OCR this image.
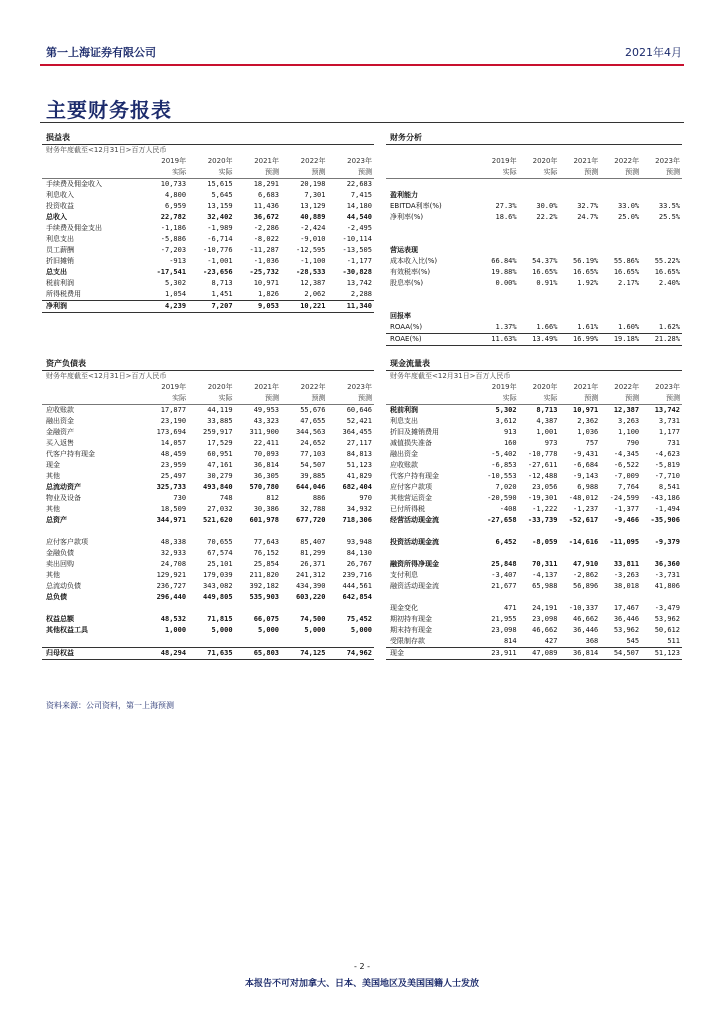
第一上海证券有限公司	2021年4月
主要财务报表
损益表
财务年度截至<12月31日>百万人民币
	2019年	2020年	2021年	2022年	2023年
	实际	实际	预测	预测	预测
手续费及佣金收入	10,733	15,615	18,291	20,198	22,683
利息收入	4,800	5,645	6,683	7,301	7,415
投资收益	6,959	13,159	11,436	13,129	14,180
总收入	22,782	32,402	36,672	40,889	44,540
手续费及佣金支出	-1,186	-1,989	-2,286	-2,424	-2,495
利息支出	-5,886	-6,714	-8,022	-9,010	-10,114
员工薪酬	-7,203	-10,776	-11,287	-12,595	-13,505
折旧摊销	-913	-1,001	-1,036	-1,100	-1,177
总支出	-17,541	-23,656	-25,732	-28,533	-30,828
税前利润	5,302	8,713	10,971	12,387	13,742
所得税费用	1,054	1,451	1,826	2,062	2,288
净利润	4,239	7,207	9,053	10,221	11,340
财务分析
	2019年	2020年	2021年	2022年	2023年
	实际	实际	预测	预测	预测

盈利能力					
EBITDA利率(%)	27.3%	30.0%	32.7%	33.0%	33.5%
净利率(%)	18.6%	22.2%	24.7%	25.0%	25.5%

营运表现					
成本收入比(%)	66.84%	54.37%	56.19%	55.86%	55.22%
有效税率(%)	19.88%	16.65%	16.65%	16.65%	16.65%
股息率(%)	0.00%	0.91%	1.92%	2.17%	2.40%

回报率					
ROAA(%)	1.37%	1.66%	1.61%	1.60%	1.62%
ROAE(%)	11.63%	13.49%	16.99%	19.18%	21.28%
资产负债表
财务年度截至<12月31日>百万人民币
	2019年	2020年	2021年	2022年	2023年
	实际	实际	预测	预测	预测
应收账款	17,877	44,119	49,953	55,676	60,646
融出资金	23,190	33,885	43,323	47,655	52,421
金融资产	173,694	259,917	311,900	344,563	364,455
买入返售	14,057	17,529	22,411	24,652	27,117
代客户持有现金	48,459	60,951	70,093	77,103	84,813
现金	23,959	47,161	36,814	54,507	51,123
其他	25,497	30,279	36,305	39,885	41,829
总流动资产	325,733	493,840	570,780	644,046	682,404
物业及设备	730	748	812	886	970
其他	18,509	27,032	30,386	32,788	34,932
总资产	344,971	521,620	601,978	677,720	718,306

应付客户款项	48,338	70,655	77,643	85,407	93,948
金融负债	32,933	67,574	76,152	81,299	84,130
卖出回购	24,708	25,101	25,854	26,371	26,767
其他	129,921	179,039	211,820	241,312	239,716
总流动负债	236,727	343,082	392,182	434,390	444,561
总负债	296,440	449,805	535,903	603,220	642,854

权益总额	48,532	71,815	66,075	74,500	75,452
其他权益工具	1,000	5,000	5,000	5,000	5,000

归母权益	48,294	71,635	65,803	74,125	74,962
现金流量表
财务年度截至<12月31日>百万人民币
	2019年	2020年	2021年	2022年	2023年
	实际	实际	预测	预测	预测
税前利润	5,302	8,713	10,971	12,387	13,742
利息支出	3,612	4,387	2,362	3,263	3,731
折旧及摊销费用	913	1,001	1,036	1,100	1,177
减值损失准备	160	973	757	790	731
融出资金	-5,402	-10,778	-9,431	-4,345	-4,623
应收账款	-6,853	-27,611	-6,684	-6,522	-5,819
代客户持有现金	-10,553	-12,488	-9,143	-7,009	-7,710
应付客户款项	7,020	23,056	6,988	7,764	8,541
其他营运资金	-20,590	-19,301	-48,012	-24,599	-43,186
已付所得税	-408	-1,222	-1,237	-1,377	-1,494
经营活动现金流	-27,658	-33,739	-52,617	-9,466	-35,906

投资活动现金流	6,452	-8,059	-14,616	-11,095	-9,379

融资所得净现金	25,848	70,311	47,910	33,811	36,360
支付利息	-3,407	-4,137	-2,862	-3,263	-3,731
融资活动现金流	21,677	65,988	56,896	38,018	41,806

现金变化	471	24,191	-10,337	17,467	-3,479
期初持有现金	21,955	23,098	46,662	36,446	53,962
期末持有现金	23,098	46,662	36,446	53,962	50,612
受限制存款	814	427	368	545	511
现金	23,911	47,089	36,814	54,507	51,123
资料来源：公司资料，第一上海预测
- 2 -
本报告不可对加拿大、日本、美国地区及美国国籍人士发放
